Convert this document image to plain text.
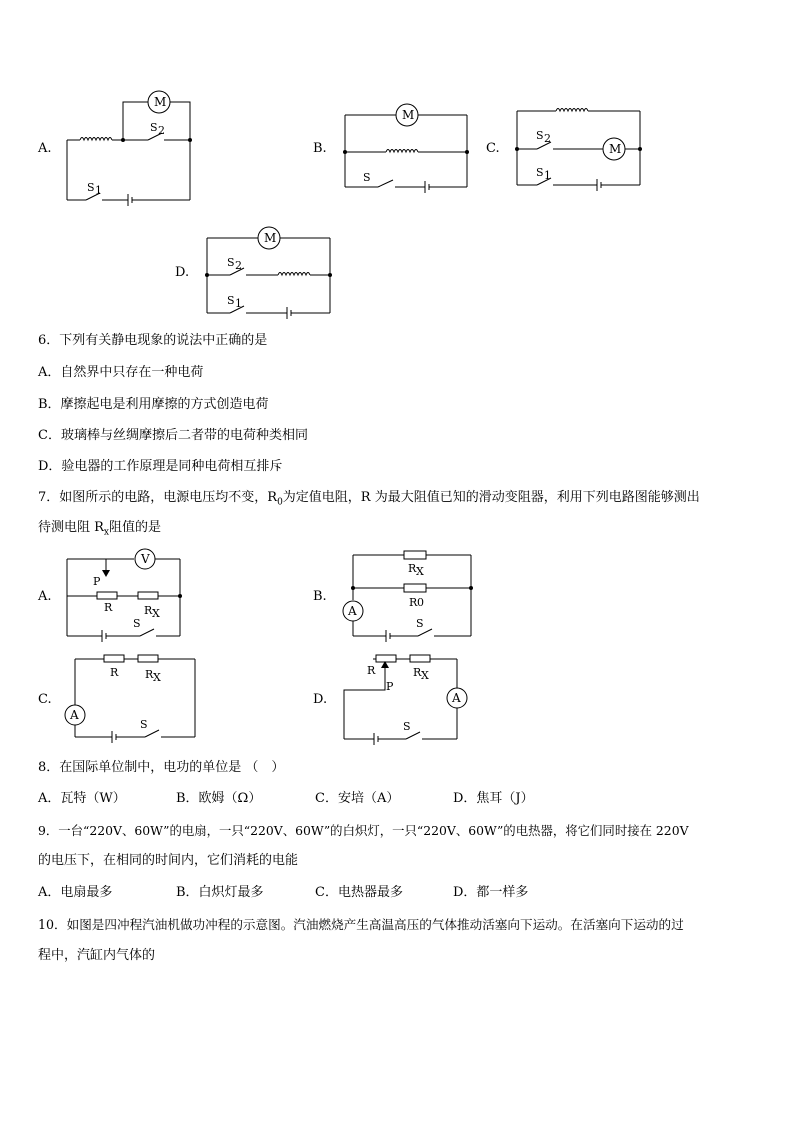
M
S 2
S 1
M
S
M
S 2
S 1
M
S 2
S 1
A.	B.	C.
D.
6．下列有关静电现象的说法中正确的是
A．自然界中只存在一种电荷
B．摩擦起电是利用摩擦的方式创造电荷
C．玻璃棒与丝绸摩擦后二者带的电荷种类相同
D．验电器的工作原理是同种电荷相互排斥
7．如图所示的电路，电源电压均不变，$R_0$为定值电阻，R 为最大阻值已知的滑动变阻器，利用下列电路图能够测出
待测电阻 $R_x$阻值的是
V
P
R	R X
S
R X
R 0
A
S
R R X
A
S
R	R X
A
P
S
A.	B.
C.	D.
8．在国际单位制中，电功的单位是 （　）
A．瓦特（W）	B．欧姆（Ω）	C．安培（A）	D．焦耳（J）
9．一台“220V、60W”的电扇，一只“220V、60W”的白炽灯，一只“220V、60W”的电热器，将它们同时接在 220V
的电压下，在相同的时间内，它们消耗的电能
A．电扇最多	B．白炽灯最多	C．电热器最多	D．都一样多
10．如图是四冲程汽油机做功冲程的示意图。汽油燃烧产生高温高压的气体推动活塞向下运动。在活塞向下运动的过
程中，汽缸内气体的
